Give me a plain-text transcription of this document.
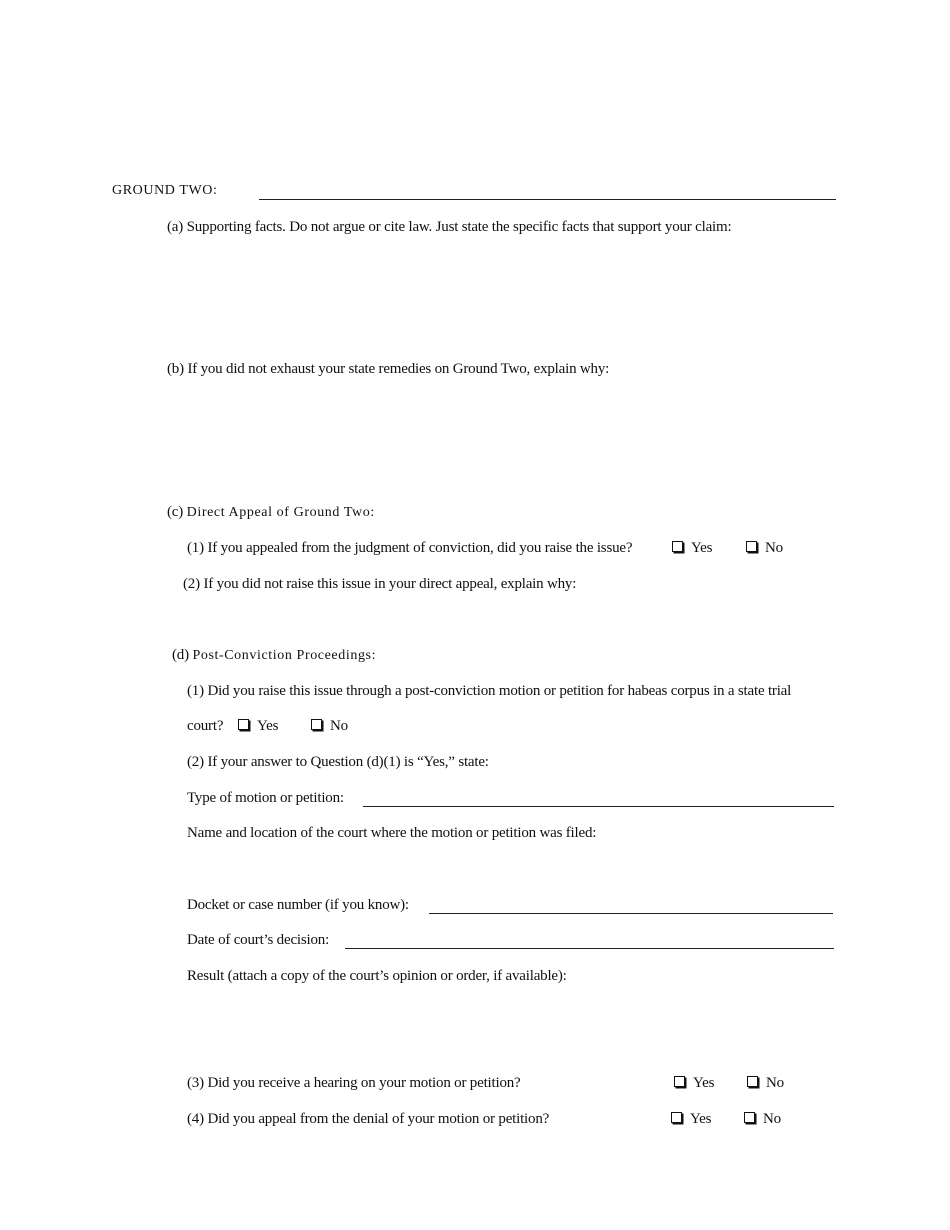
GROUND TWO:
(a) Supporting facts. Do not argue or cite law. Just state the specific facts that support your claim:
(b) If you did not exhaust your state remedies on Ground Two, explain why:
(c) Direct Appeal of Ground Two:
(1) If you appealed from the judgment of conviction, did you raise the issue?	Yes	No
(2) If you did not raise this issue in your direct appeal, explain why:
(d) Post-Conviction Proceedings:
(1) Did you raise this issue through a post-conviction motion or petition for habeas corpus in a state trial
court?	Yes	No
(2) If your answer to Question (d)(1) is “Yes,” state:
Type of motion or petition:
Name and location of the court where the motion or petition was filed:
Docket or case number (if you know):
Date of court’s decision:
Result (attach a copy of the court’s opinion or order, if available):
(3) Did you receive a hearing on your motion or petition?	Yes	No
(4) Did you appeal from the denial of your motion or petition?	Yes	No
